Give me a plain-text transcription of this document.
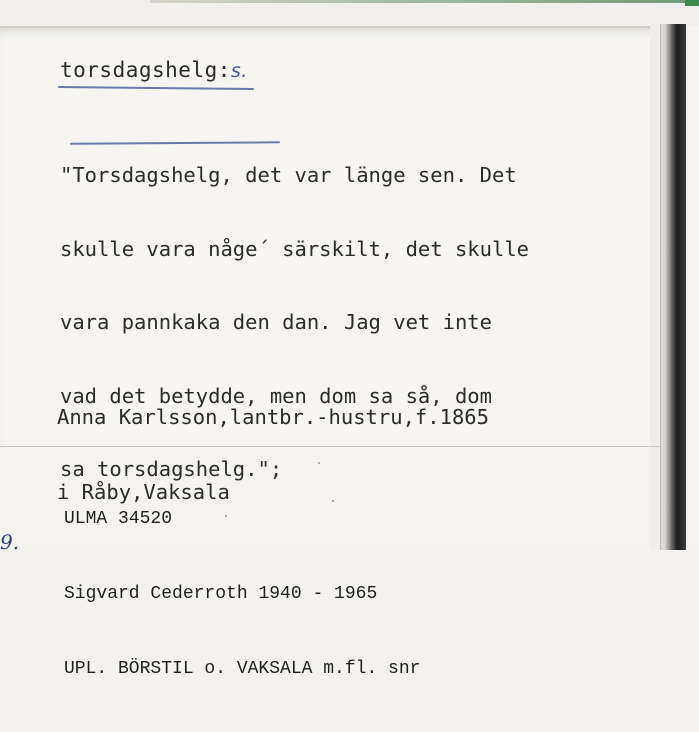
torsdagshelg:s.

"Torsdagshelg, det var länge sen. Det

skulle vara någe´ särskilt, det skulle

vara pannkaka den dan. Jag vet inte

vad det betydde, men dom sa så, dom

sa torsdagshelg.";

Anna Karlsson,lantbr.-hustru,f.1865

i Råby,Vaksala

ULMA 34520

Sigvard Cederroth 1940 - 1965

UPL. BÖRSTIL o. VAKSALA m.fl. snr

9.
